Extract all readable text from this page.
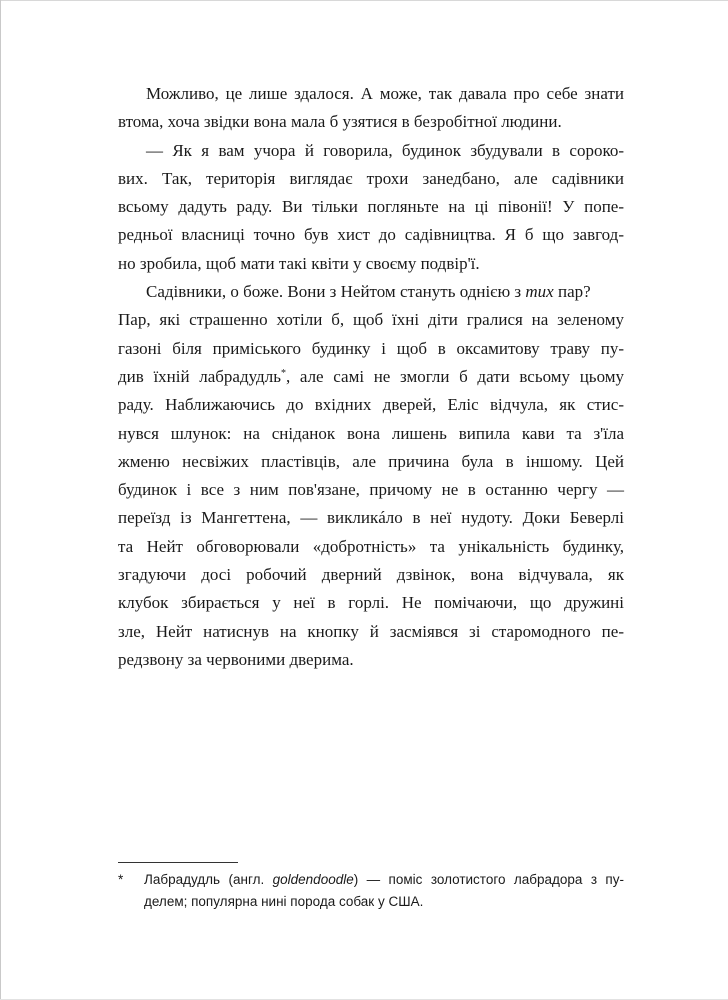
Можливо, це лише здалося. А може, так давала про себе знати
втома, хоча звідки вона мала б узятися в безробітної людини.
— Як я вам учора й говорила, будинок збудували в сороко-
вих. Так, територія виглядає трохи занедбано, але садівники
всьому дадуть раду. Ви тільки погляньте на ці півонії! У попе-
редньої власниці точно був хист до садівництва. Я б що завгод-
но зробила, щоб мати такі квіти у своєму подвір'ї.
Садівники, о боже. Вони з Нейтом стануть однією з тих пар?
Пар, які страшенно хотіли б, щоб їхні діти гралися на зеленому
газоні біля приміського будинку і щоб в оксамитову траву пу-
див їхній лабрадудль*, але самі не змогли б дати всьому цьому
раду. Наближаючись до вхідних дверей, Еліс відчула, як стис-
нувся шлунок: на сніданок вона лишень випила кави та з'їла
жменю несвіжих пластівців, але причина була в іншому. Цей
будинок і все з ним пов'язане, причому не в останню чергу —
переїзд із Мангеттена, — викликáло в неї нудоту. Доки Беверлі
та Нейт обговорювали «добротність» та унікальність будинку,
згадуючи досі робочий дверний дзвінок, вона відчувала, як
клубок збирається у неї в горлі. Не помічаючи, що дружині
зле, Нейт натиснув на кнопку й засміявся зі старомодного пе-
редзвону за червоними дверима.
* Лабрадудль (англ. goldendoodle) — поміс золотистого лабрадора з пу-
делем; популярна нині порода собак у США.
